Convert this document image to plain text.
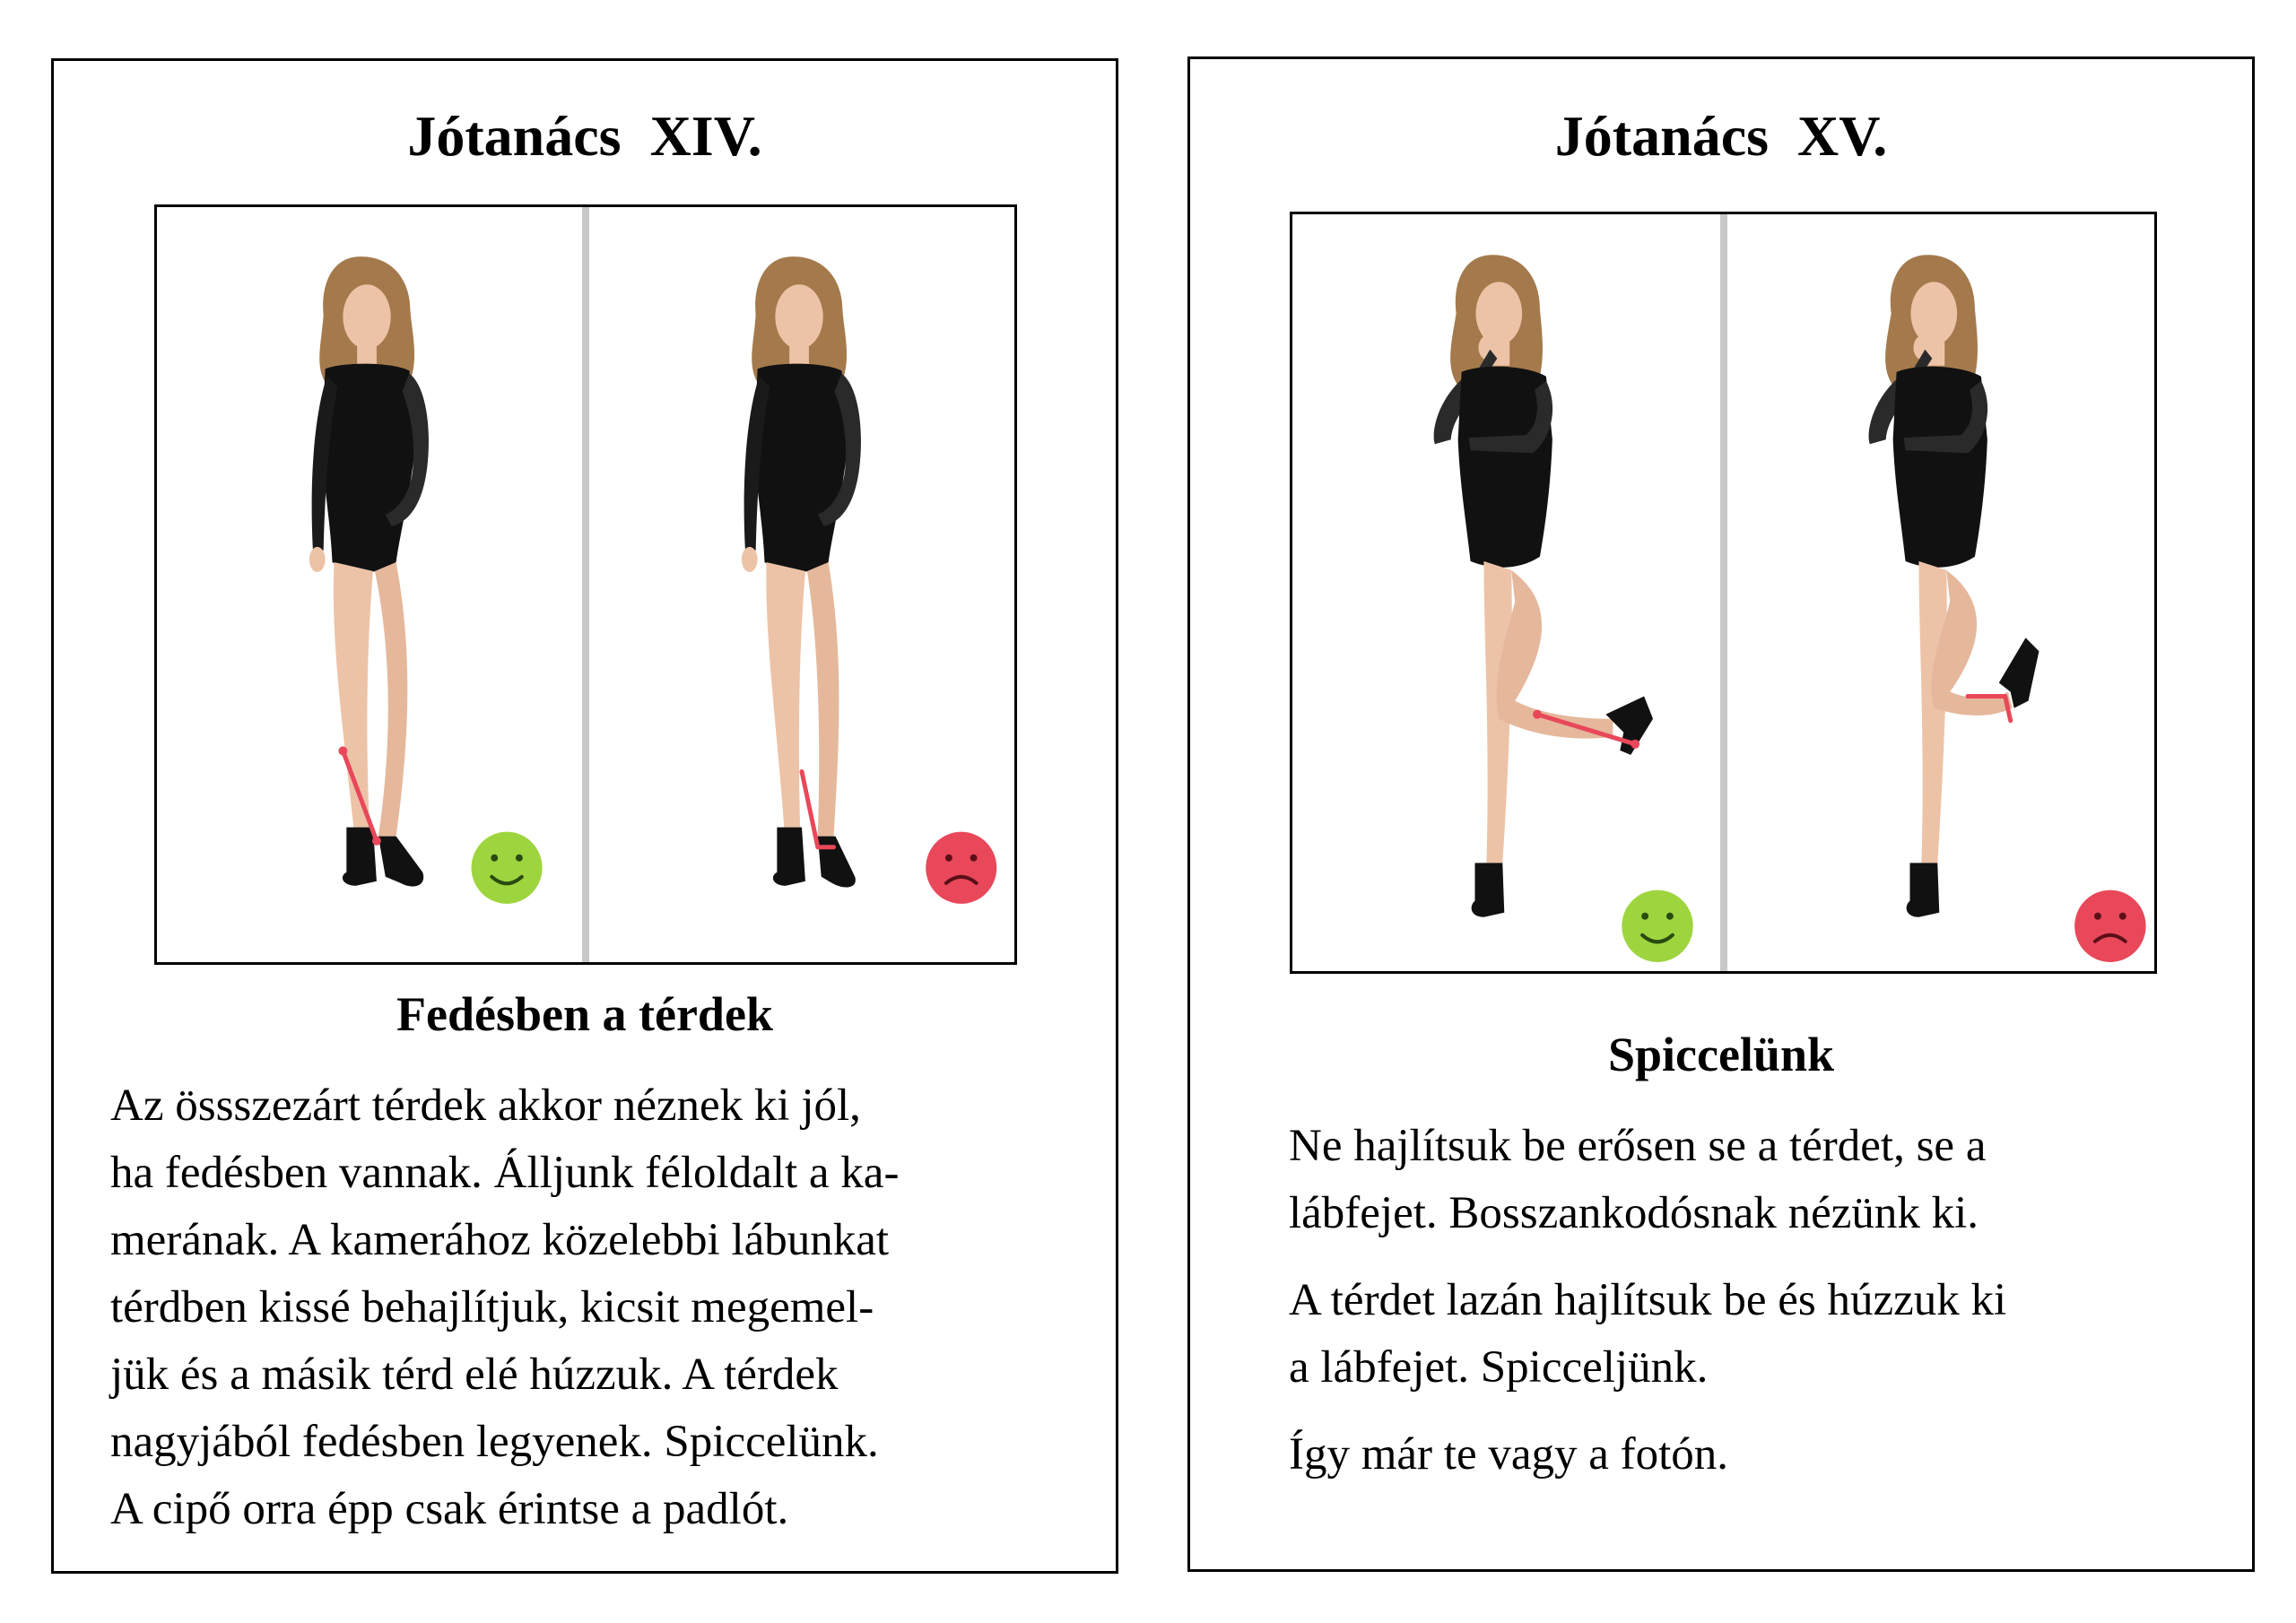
Jótanács  XIV.
Fedésben a térdek
Az össszezárt térdek akkor néznek ki jól,
ha fedésben vannak. Álljunk féloldalt a ka-
merának. A kamerához közelebbi lábunkat
térdben kissé behajlítjuk, kicsit megemel-
jük és a másik térd elé húzzuk. A térdek
nagyjából fedésben legyenek. Spiccelünk.
A cipő orra épp csak érintse a padlót.
Jótanács  XV.
Spiccelünk

Ne hajlítsuk be erősen se a térdet, se a
lábfejet. Bosszankodósnak nézünk ki.

A térdet lazán hajlítsuk be és húzzuk ki
a lábfejet. Spicceljünk.

Így már te vagy a fotón.
